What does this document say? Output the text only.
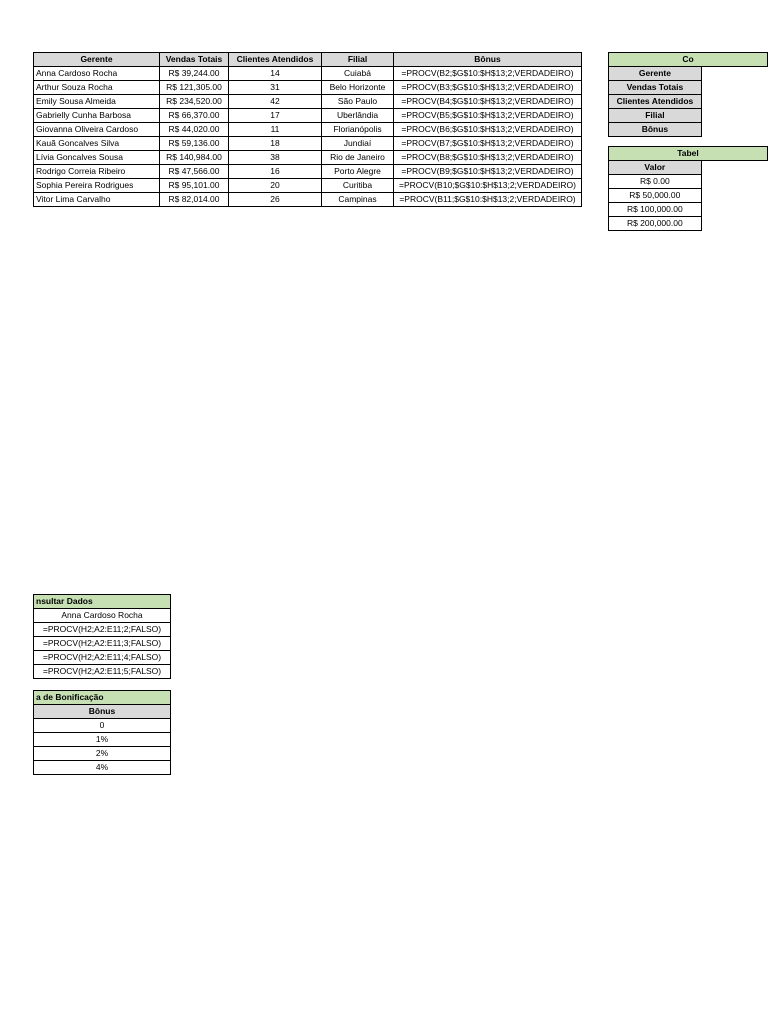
Gerente	Vendas Totais	Clientes Atendidos	Filial	Bônus
Anna Cardoso Rocha	R$ 39,244.00	14	Cuiabá	=PROCV(B2;$G$10:$H$13;2;VERDADEIRO)
Arthur Souza Rocha	R$ 121,305.00	31	Belo Horizonte	=PROCV(B3;$G$10:$H$13;2;VERDADEIRO)
Emily Sousa Almeida	R$ 234,520.00	42	São Paulo	=PROCV(B4;$G$10:$H$13;2;VERDADEIRO)
Gabrielly Cunha Barbosa	R$ 66,370.00	17	Uberlândia	=PROCV(B5;$G$10:$H$13;2;VERDADEIRO)
Giovanna Oliveira Cardoso	R$ 44,020.00	11	Florianópolis	=PROCV(B6;$G$10:$H$13;2;VERDADEIRO)
Kauã Goncalves Silva	R$ 59,136.00	18	Jundiaí	=PROCV(B7;$G$10:$H$13;2;VERDADEIRO)
Lívia Goncalves Sousa	R$ 140,984.00	38	Rio de Janeiro	=PROCV(B8;$G$10:$H$13;2;VERDADEIRO)
Rodrigo Correia Ribeiro	R$ 47,566.00	16	Porto Alegre	=PROCV(B9;$G$10:$H$13;2;VERDADEIRO)
Sophia Pereira Rodrigues	R$ 95,101.00	20	Curitiba	=PROCV(B10;$G$10:$H$13;2;VERDADEIRO)
Vitor Lima Carvalho	R$ 82,014.00	26	Campinas	=PROCV(B11;$G$10:$H$13;2;VERDADEIRO)
Co	
Gerente	
Vendas Totais	
Clientes Atendidos	
Filial	
Bônus	
Tabel	
Valor	
R$ 0.00	
R$ 50,000.00	
R$ 100,000.00	
R$ 200,000.00	
nsultar Dados
Anna Cardoso Rocha
=PROCV(H2;A2:E11;2;FALSO)
=PROCV(H2;A2:E11;3;FALSO)
=PROCV(H2;A2:E11;4;FALSO)
=PROCV(H2;A2:E11;5;FALSO)
a de Bonificação
Bônus
0
1%
2%
4%
